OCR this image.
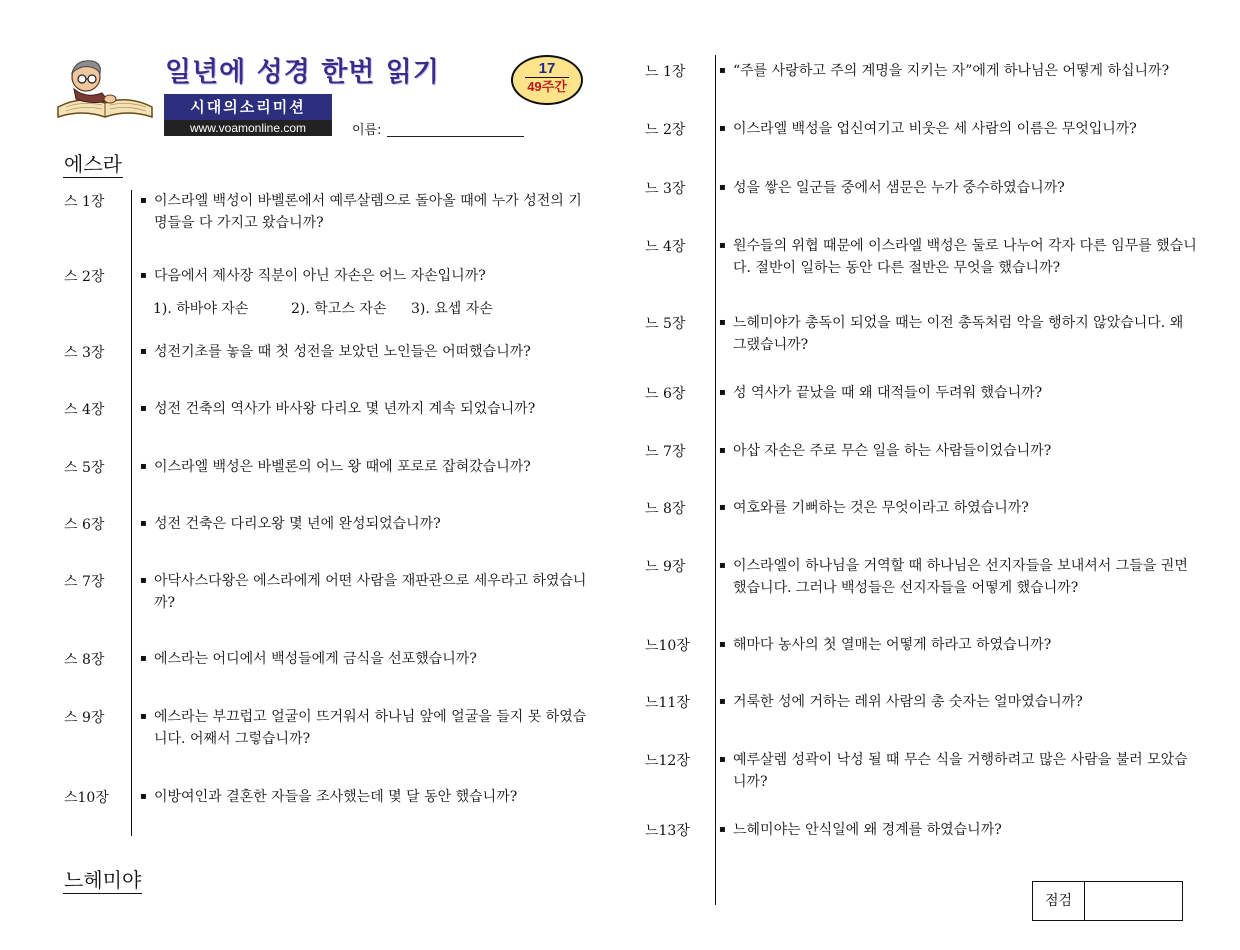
일년에 성경 한번 읽기
시대의소리미션
www.voamonline.com	이름:
17
49주간
에스라
스 1장	▪ 이스라엘 백성이 바벨론에서 예루살렘으로 돌아올 때에 누가 성전의 기명들을 다 가지고 왔습니까?
스 2장	▪ 다음에서 제사장 직분이 아닌 자손은 어느 자손입니까?
스 3장	▪ 성전기초를 놓을 때 첫 성전을 보았던 노인들은 어떠했습니까?
스 4장	▪ 성전 건축의 역사가 바사왕 다리오 몇 년까지 계속 되었습니까?
스 5장	▪ 이스라엘 백성은 바벨론의 어느 왕 때에 포로로 잡혀갔습니까?
스 6장	▪ 성전 건축은 다리오왕 몇 년에 완성되었습니까?
스 7장	▪ 아닥사스다왕은 에스라에게 어떤 사람을 재판관으로 세우라고 하였습니까?
스 8장	▪ 에스라는 어디에서 백성들에게 금식을 선포했습니까?
스 9장	▪ 에스라는 부끄럽고 얼굴이 뜨거워서 하나님 앞에 얼굴을 들지 못 하였습니다. 어째서 그렇습니까?
스10장	▪ 이방여인과 결혼한 자들을 조사했는데 몇 달 동안 했습니까?
1). 하바야 자손	2). 학고스 자손 3). 요셉 자손
느헤미야
느 1장	▪ “주를 사랑하고 주의 계명을 지키는 자”에게 하나님은 어떻게 하십니까?
느 2장	▪ 이스라엘 백성을 업신여기고 비웃은 세 사람의 이름은 무엇입니까?
느 3장	▪ 성을 쌓은 일군들 중에서 샘문은 누가 중수하였습니까?
느 4장	▪ 원수들의 위협 때문에 이스라엘 백성은 둘로 나누어 각자 다른 임무를 했습니다. 절반이 일하는 동안 다른 절반은 무엇을 했습니까?
느 5장	▪ 느헤미야가 총독이 되었을 때는 이전 총독처럼 악을 행하지 않았습니다. 왜 그랬습니까?
느 6장	▪ 성 역사가 끝났을 때 왜 대적들이 두려워 했습니까?
느 7장	▪ 아삽 자손은 주로 무슨 일을 하는 사람들이었습니까?
느 8장	▪ 여호와를 기뻐하는 것은 무엇이라고 하였습니까?
느 9장	▪ 이스라엘이 하나님을 거역할 때 하나님은 선지자들을 보내셔서 그들을 권면 했습니다. 그러나 백성들은 선지자들을 어떻게 했습니까?
느10장	▪ 해마다 농사의 첫 열매는 어떻게 하라고 하였습니까?
느11장	▪ 거룩한 성에 거하는 레위 사람의 총 숫자는 얼마였습니까?
느12장	▪ 예루살렘 성곽이 낙성 될 때 무슨 식을 거행하려고 많은 사람을 불러 모았습니까?
느13장	▪ 느헤미야는 안식일에 왜 경계를 하였습니까?
점검
